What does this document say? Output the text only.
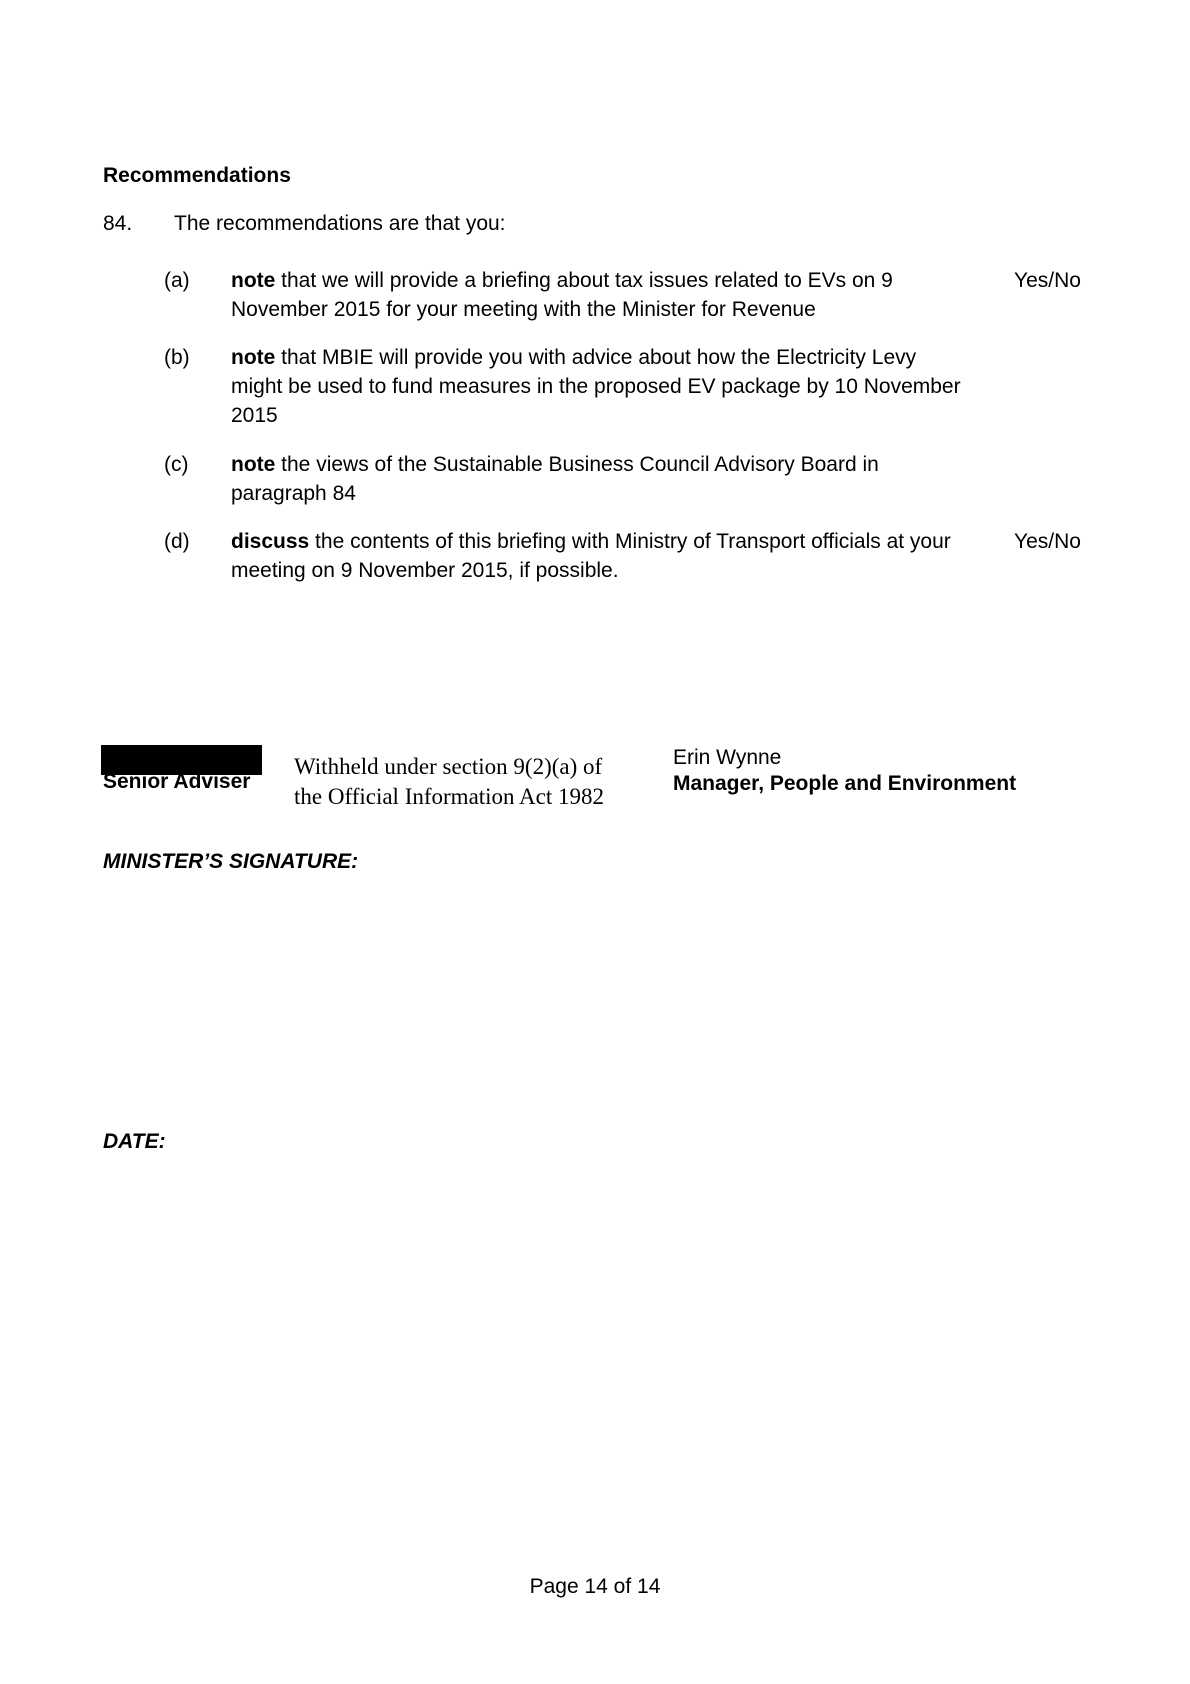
Recommendations
84. The recommendations are that you:
(a) note that we will provide a briefing about tax issues related to EVs on 9 November 2015 for your meeting with the Minister for Revenue
Yes/No
(b) note that MBIE will provide you with advice about how the Electricity Levy might be used to fund measures in the proposed EV package by 10 November 2015
(c) note the views of the Sustainable Business Council Advisory Board in paragraph 84
(d) discuss the contents of this briefing with Ministry of Transport officials at your meeting on 9 November 2015, if possible.
Yes/No
Senior Adviser
Withheld under section 9(2)(a) of the Official Information Act 1982
Erin Wynne
Manager, People and Environment
MINISTER’S SIGNATURE:
DATE:
Page 14 of 14
